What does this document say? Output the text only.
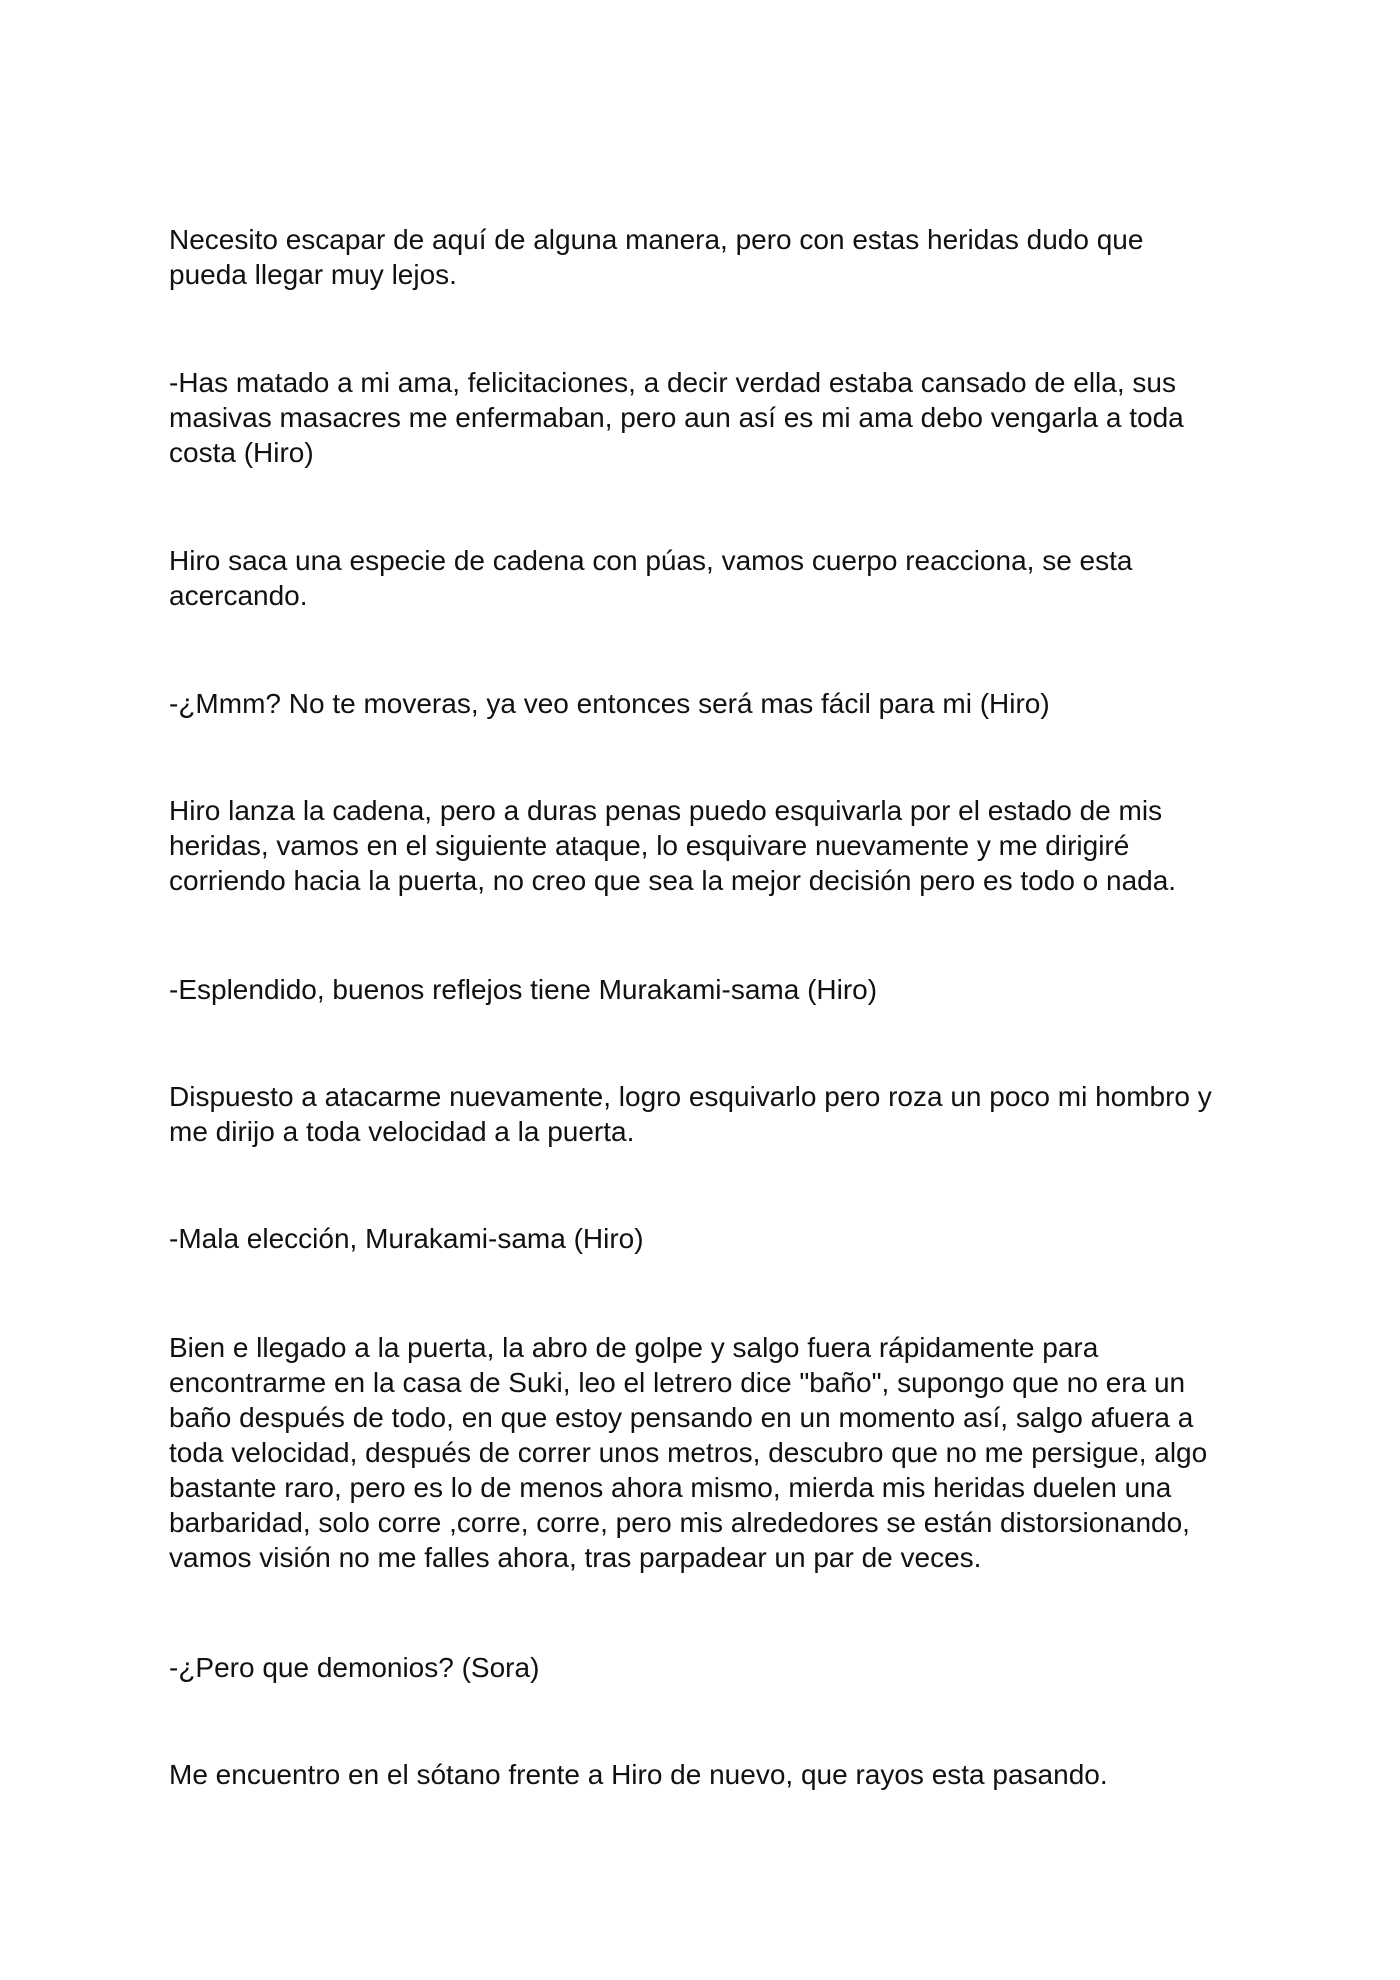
Necesito escapar de aquí de alguna manera, pero con estas heridas dudo que
pueda llegar muy lejos.

-Has matado a mi ama, felicitaciones, a decir verdad estaba cansado de ella, sus
masivas masacres me enfermaban, pero aun así es mi ama debo vengarla a toda
costa (Hiro)

Hiro saca una especie de cadena con púas, vamos cuerpo reacciona, se esta
acercando.

-¿Mmm? No te moveras, ya veo entonces será mas fácil para mi (Hiro)

Hiro lanza la cadena, pero a duras penas puedo esquivarla por el estado de mis
heridas, vamos en el siguiente ataque, lo esquivare nuevamente y me dirigiré
corriendo hacia la puerta, no creo que sea la mejor decisión pero es todo o nada.

-Esplendido, buenos reflejos tiene Murakami-sama (Hiro)

Dispuesto a atacarme nuevamente, logro esquivarlo pero roza un poco mi hombro y
me dirijo a toda velocidad a la puerta.

-Mala elección, Murakami-sama (Hiro)

Bien e llegado a la puerta, la abro de golpe y salgo fuera rápidamente para
encontrarme en la casa de Suki, leo el letrero dice "baño", supongo que no era un
baño después de todo, en que estoy pensando en un momento así, salgo afuera a
toda velocidad, después de correr unos metros, descubro que no me persigue, algo
bastante raro, pero es lo de menos ahora mismo, mierda mis heridas duelen una
barbaridad, solo corre ,corre, corre, pero mis alrededores se están distorsionando,
vamos visión no me falles ahora, tras parpadear un par de veces.

-¿Pero que demonios? (Sora)

Me encuentro en el sótano frente a Hiro de nuevo, que rayos esta pasando.
